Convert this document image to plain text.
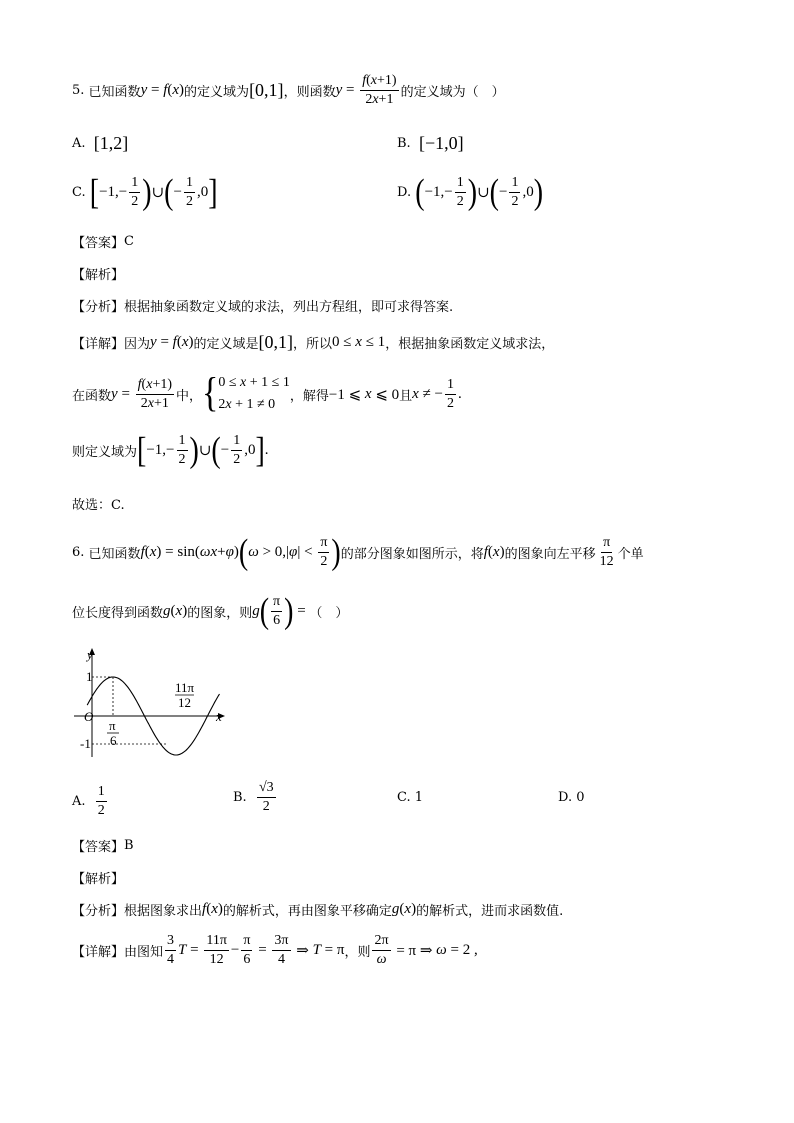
5.
已知函数 y = f ( x ) 的定义域为 [0,1] ，则函数 $y = \frac{f(x+1)}{2x+1}$ 的定义域为（　）
A.
[1,2]	B.
[−1,0]
C.
[ $-1,- \frac{1}{2}$ ) ∪ ( − $\frac{1}{2} ,0$ ]	D.
( $-1,- \frac{1}{2}$ ) ∪ ( − $\frac{1}{2} ,0$ )
【答案】 C
【解析】
【分析】 根据抽象函数定义域的求法，列出方程组，即可求得答案.
【详解】 因为 y = f ( x ) 的定义域是 [0,1] ，所以 0 ≤ x ≤ 1 ，根据抽象函数定义域求法，
在函数 $y = \frac{f(x+1)}{2x+1}$ 中， { 0 ≤ x + 1 ≤ 1
2x + 1 ≠ 0
，解得 −1 ⩽ x ⩽ 0 且 x ≠ − $\frac{1}{2}$ .
则定义域为 [ $-1,- \frac{1}{2}$ ) ∪ ( − $\frac{1}{2} ,0$ ] .
故选：C.
6.
已知函数 f ( x ) = sin( ωx + φ ) ( ω > 0,| φ | < $\frac{\pi}{2}$ ) 的部分图象如图所示，将 f ( x ) 的图象向左平移 $\frac{\pi}{12}$ 个单
位长度得到函数 g ( x ) 的图象，则 g ( $\frac{\pi}{6}$ ) = （　）
y
x
O
1
-1
π
6
11π
12
A.
$\frac{1}{2}$	B.
$\frac{√3}{2}$	C. 1	D. 0
【答案】 B
【解析】
【分析】 根据图象求出 f ( x ) 的解析式，再由图象平移确定 g ( x ) 的解析式，进而求函数值.
【详解】 由图知 $\frac{3}{4}$ $T = \frac{11\pi}{12} - \frac{\pi}{6} = \frac{3\pi}{4}$ ⇒ T = π ，则 $\frac{2\pi}{\omega} = \pi$ ⇒ ω = 2 ,
